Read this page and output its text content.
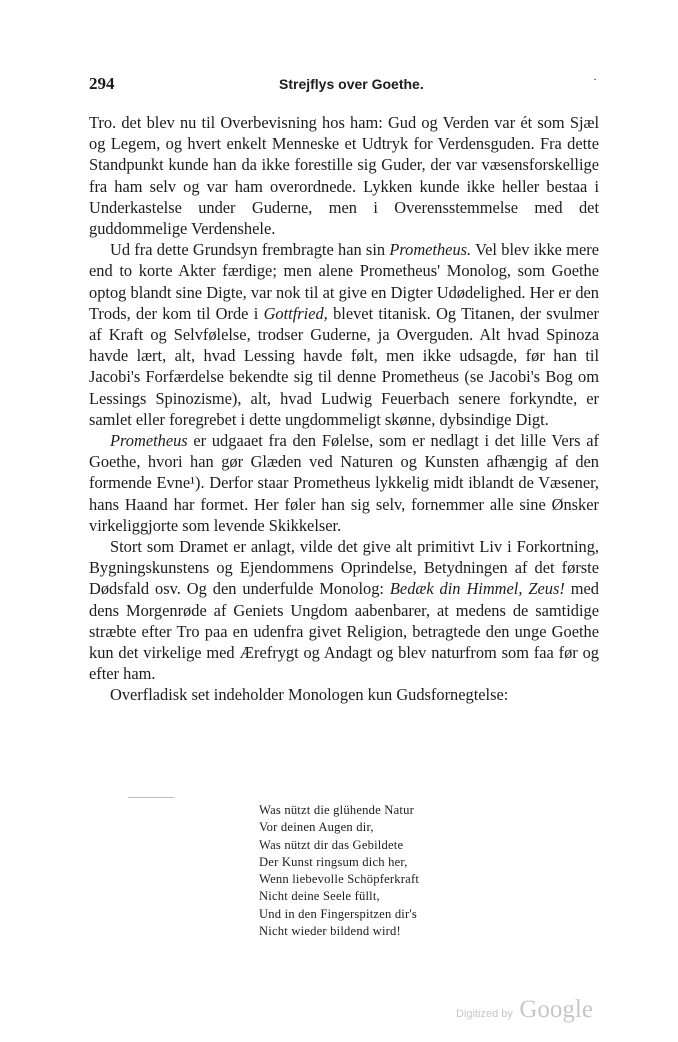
294	Strejflys over Goethe.	·

Tro. det blev nu til Overbevisning hos ham: Gud og Verden var ét som Sjæl og Legem, og hvert enkelt Menneske et Udtryk for Verdensguden. Fra dette Standpunkt kunde han da ikke forestille sig Guder, der var væsensforskellige fra ham selv og var ham overordnede. Lykken kunde ikke heller bestaa i Underkastelse under Guderne, men i Overensstemmelse med det guddommelige Verdenshele.

Ud fra dette Grundsyn frembragte han sin Prometheus. Vel blev ikke mere end to korte Akter færdige; men alene Prometheus' Monolog, som Goethe optog blandt sine Digte, var nok til at give en Digter Udødelighed. Her er den Trods, der kom til Orde i Gottfried, blevet titanisk. Og Titanen, der svulmer af Kraft og Selvfølelse, trodser Guderne, ja Overguden. Alt hvad Spinoza havde lært, alt, hvad Lessing havde følt, men ikke udsagde, før han til Jacobi's Forfærdelse bekendte sig til denne Prometheus (se Jacobi's Bog om Lessings Spinozisme), alt, hvad Ludwig Feuerbach senere forkyndte, er samlet eller foregrebet i dette ungdommeligt skønne, dybsindige Digt.

Prometheus er udgaaet fra den Følelse, som er nedlagt i det lille Vers af Goethe, hvori han gør Glæden ved Naturen og Kunsten afhængig af den formende Evne¹). Derfor staar Prometheus lykkelig midt iblandt de Væsener, hans Haand har formet. Her føler han sig selv, fornemmer alle sine Ønsker virkeliggjorte som levende Skikkelser.

Stort som Dramet er anlagt, vilde det give alt primitivt Liv i Forkortning, Bygningskunstens og Ejendommens Oprindelse, Betydningen af det første Dødsfald osv. Og den underfulde Monolog: Bedæk din Himmel, Zeus! med dens Morgenrøde af Geniets Ungdom aabenbarer, at medens de samtidige stræbte efter Tro paa en udenfra givet Religion, betragtede den unge Goethe kun det virkelige med Ærefrygt og Andagt og blev naturfrom som faa før og efter ham.

Overfladisk set indeholder Monologen kun Gudsfornegtelse:

Was nützt die glühende Natur
Vor deinen Augen dir,
Was nützt dir das Gebildete
Der Kunst ringsum dich her,
Wenn liebevolle Schöpferkraft
Nicht deine Seele füllt,
Und in den Fingerspitzen dir's
Nicht wieder bildend wird!
Digitized by Google
